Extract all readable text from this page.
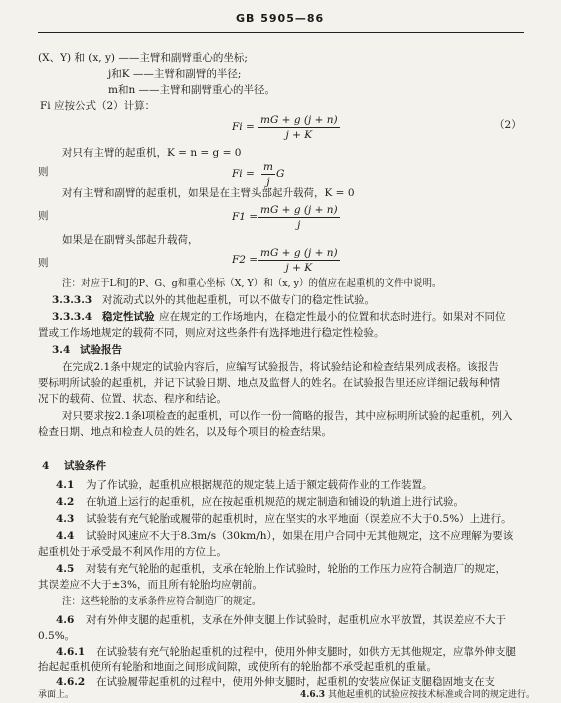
GB 5905—86
(X、Y) 和 (x, y) ——主臂和副臂重心的坐标;
j和K ——主臂和副臂的半径;
m和n ——主臂和副臂重心的半径。
Fi 应按公式（2）计算：
$Fi = \frac{mG + g (j + n)}{j + K}$	（2）
对只有主臂的起重机，K = n = g = 0
则	$Fi = \frac{m}{j}$ G
对有主臂和副臂的起重机，如果是在主臂头部起升载荷，K = 0
则	$F1 = \frac{mG + g (j + n)}{j}$
如果是在副臂头部起升载荷，
则	$F2 = \frac{mG + g (j + n)}{j + K}$
注：对应于L和J的P、G、g和重心坐标（X, Y）和（x, y）的值应在起重机的文件中说明。
3.3.3.3 对流动式以外的其他起重机，可以不做专门的稳定性试验。
3.3.3.4 稳定性试验 应在规定的工作场地内，在稳定性最小的位置和状态时进行。如果对不同位
置或工作场地规定的载荷不同，则应对这些条件有选择地进行稳定性检验。
3.4 试验报告
在完成2.1条中规定的试验内容后，应编写试验报告，将试验结论和检查结果列成表格。该报告
要标明所试验的起重机，并记下试验日期、地点及监督人的姓名。在试验报告里还应详细记载每种情
况下的载荷、位置、状态、程序和结论。
对只要求按2.1条l项检查的起重机，可以作一份一简略的报告，其中应标明所试验的起重机，列入
检查日期、地点和检查人员的姓名，以及每个项目的检查结果。
4 试验条件
4.1 为了作试验，起重机应根据规范的规定装上适于额定载荷作业的工作装置。
4.2 在轨道上运行的起重机，应在按起重机规范的规定制造和铺设的轨道上进行试验。
4.3 试验装有充气轮胎或履带的起重机时，应在坚实的水平地面（误差应不大于0.5%）上进行。
4.4 试验时风速应不大于8.3m/s（30km/h），如果在用户合同中无其他规定，这不应理解为要该
起重机处于承受最不利风作用的方位上。
4.5 对装有充气轮胎的起重机，支承在轮胎上作试验时，轮胎的工作压力应符合制造厂的规定，
其误差应不大于±3%，而且所有轮胎均应朝前。
注：这些轮胎的支承条件应符合制造厂的规定。
4.6 对有外伸支腿的起重机，支承在外伸支腿上作试验时，起重机应水平放置，其误差应不大于
0.5%。
4.6.1 在试验装有充气轮胎起重机的过程中，使用外伸支腿时，如供方无其他规定，应靠外伸支腿
抬起起重机使所有轮胎和地面之间形成间隙，或使所有的轮胎都不承受起重机的重量。
4.6.2 在试验履带起重机的过程中，使用外伸支腿时，起重机的安装应保证支腿稳固地支在支
承面上。	4.6.3 其他起重机的试验应按技术标准或合同的规定进行。
4.7 燃油箱应充满到 1/3 — 2/3 。冷却液、润滑油和液压油应按供方规定装至工作水平面。
